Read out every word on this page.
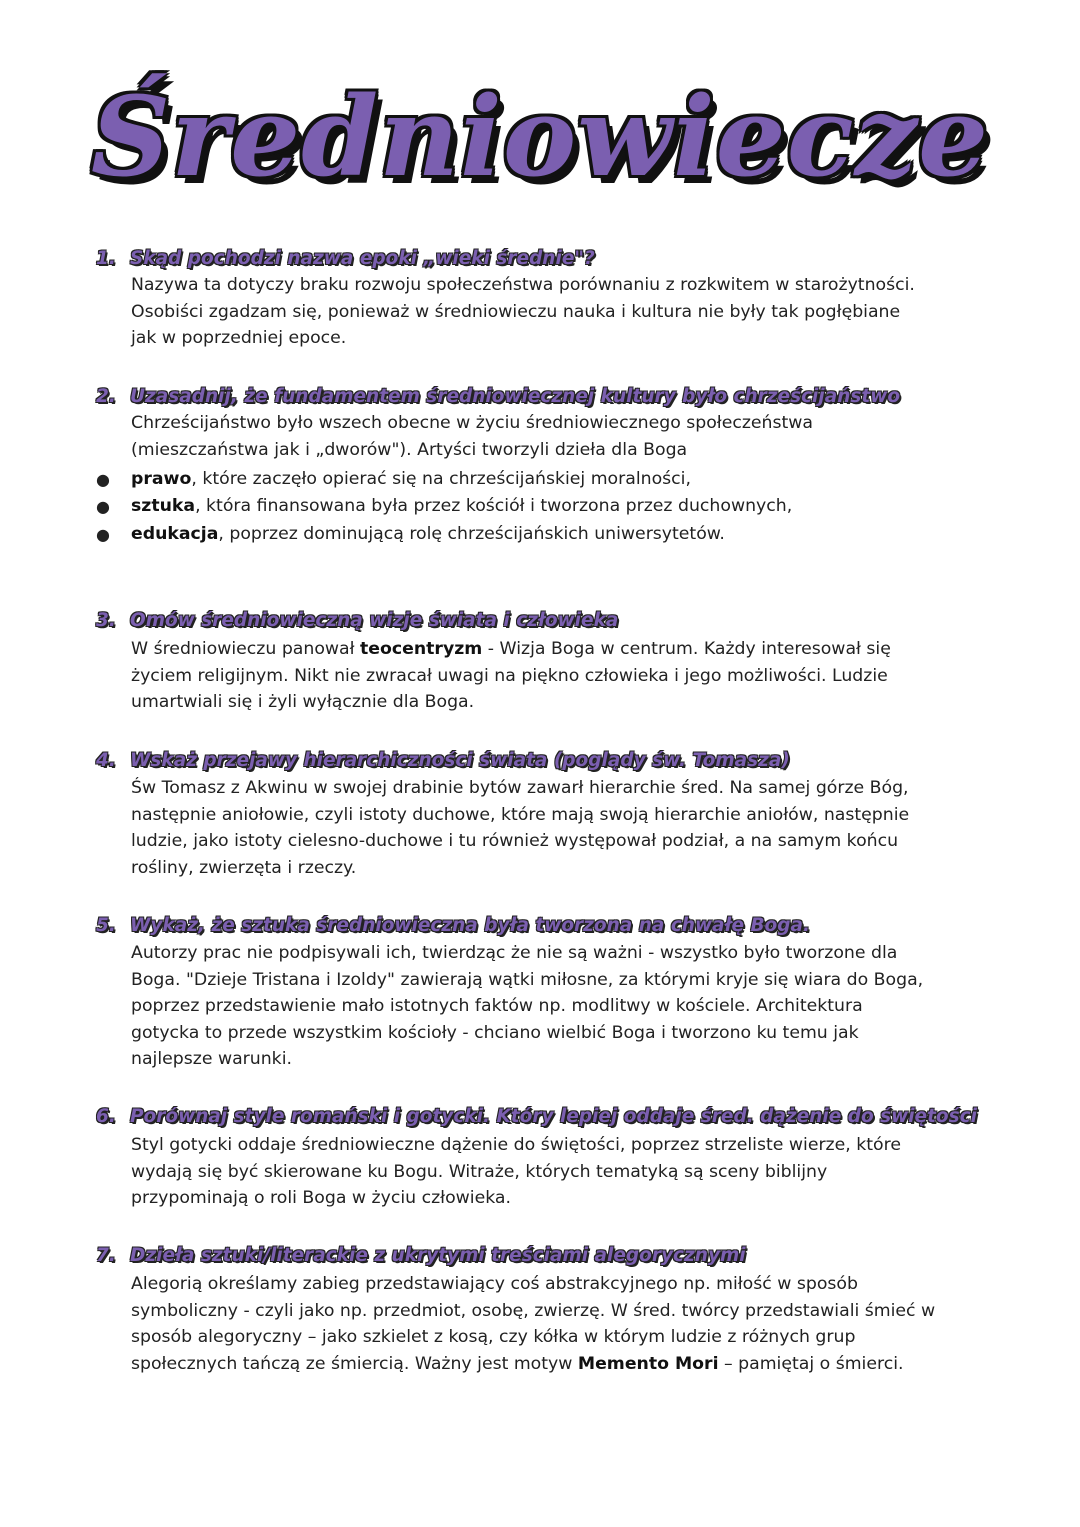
Średniowiecze
1. Skąd pochodzi nazwa epoki „wieki średnie"?
Nazywa ta dotyczy braku rozwoju społeczeństwa porównaniu z rozkwitem w starożytności.
Osobiści zgadzam się, ponieważ w średniowieczu nauka i kultura nie były tak pogłębiane
jak w poprzedniej epoce.
2. Uzasadnij, że fundamentem średniowiecznej kultury było chrześcijaństwo
Chrześcijaństwo było wszech obecne w życiu średniowiecznego społeczeństwa
(mieszczaństwa jak i „dworów"). Artyści tworzyli dzieła dla Boga
● prawo, które zaczęło opierać się na chrześcijańskiej moralności,
● sztuka, która finansowana była przez kościół i tworzona przez duchownych,
● edukacja, poprzez dominującą rolę chrześcijańskich uniwersytetów.
3. Omów średniowieczną wizje świata i człowieka
W średniowieczu panował teocentryzm - Wizja Boga w centrum. Każdy interesował się
życiem religijnym. Nikt nie zwracał uwagi na piękno człowieka i jego możliwości. Ludzie
umartwiali się i żyli wyłącznie dla Boga.
4. Wskaż przejawy hierarchiczności świata (poglądy św. Tomasza)
Św Tomasz z Akwinu w swojej drabinie bytów zawarł hierarchie śred. Na samej górze Bóg,
następnie aniołowie, czyli istoty duchowe, które mają swoją hierarchie aniołów, następnie
ludzie, jako istoty cielesno-duchowe i tu również występował podział, a na samym końcu
rośliny, zwierzęta i rzeczy.
5. Wykaż, że sztuka średniowieczna była tworzona na chwałę Boga.
Autorzy prac nie podpisywali ich, twierdząc że nie są ważni - wszystko było tworzone dla
Boga. "Dzieje Tristana i Izoldy" zawierają wątki miłosne, za którymi kryje się wiara do Boga,
poprzez przedstawienie mało istotnych faktów np. modlitwy w kościele. Architektura
gotycka to przede wszystkim kościoły - chciano wielbić Boga i tworzono ku temu jak
najlepsze warunki.
6. Porównaj style romański i gotycki. Który lepiej oddaje śred. dążenie do świętości
Styl gotycki oddaje średniowieczne dążenie do świętości, poprzez strzeliste wierze, które
wydają się być skierowane ku Bogu. Witraże, których tematyką są sceny biblijny
przypominają o roli Boga w życiu człowieka.
7. Dzieła sztuki/literackie z ukrytymi treściami alegorycznymi
Alegorią określamy zabieg przedstawiający coś abstrakcyjnego np. miłość w sposób
symboliczny - czyli jako np. przedmiot, osobę, zwierzę. W śred. twórcy przedstawiali śmieć w
sposób alegoryczny – jako szkielet z kosą, czy kółka w którym ludzie z różnych grup
społecznych tańczą ze śmiercią. Ważny jest motyw Memento Mori – pamiętaj o śmierci.
